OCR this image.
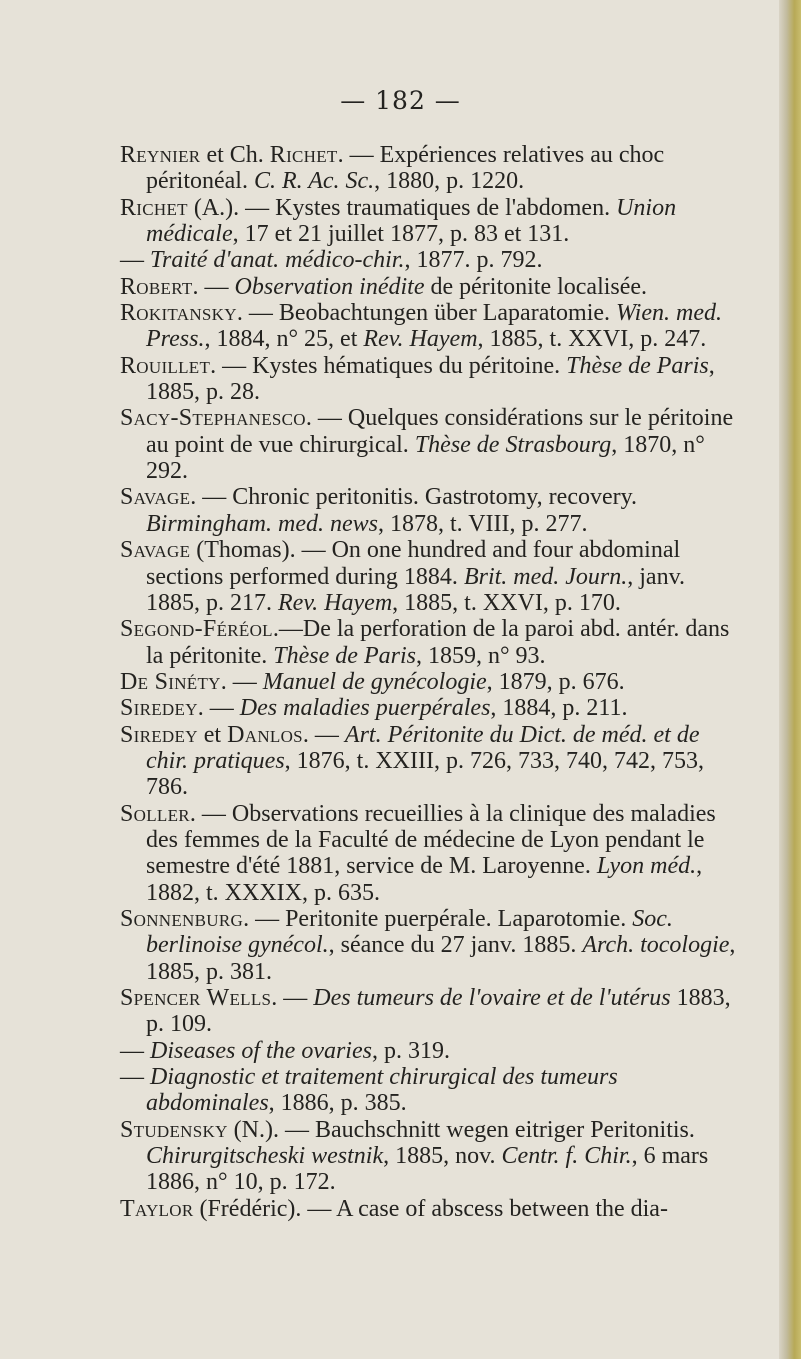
— 182 —
Reynier et Ch. Richet. — Expériences relatives au choc péritonéal. C. R. Ac. Sc., 1880, p. 1220.
Richet (A.). — Kystes traumatiques de l'abdomen. Union médicale, 17 et 21 juillet 1877, p. 83 et 131.
— Traité d'anat. médico-chir., 1877. p. 792.
Robert. — Observation inédite de péritonite localisée.
Rokitansky. — Beobachtungen über Laparatomie. Wien. med. Press., 1884, n° 25, et Rev. Hayem, 1885, t. XXVI, p. 247.
Rouillet. — Kystes hématiques du péritoine. Thèse de Paris, 1885, p. 28.
Sacy-Stephanesco. — Quelques considérations sur le péritoine au point de vue chirurgical. Thèse de Strasbourg, 1870, n° 292.
Savage. — Chronic peritonitis. Gastrotomy, recovery. Birmingham. med. news, 1878, t. VIII, p. 277.
Savage (Thomas). — On one hundred and four abdominal sections performed during 1884. Brit. med. Journ., janv. 1885, p. 217. Rev. Hayem, 1885, t. XXVI, p. 170.
Segond-Féréol.—De la perforation de la paroi abd. antér. dans la péritonite. Thèse de Paris, 1859, n° 93.
De Sinéty. — Manuel de gynécologie, 1879, p. 676.
Siredey. — Des maladies puerpérales, 1884, p. 211.
Siredey et Danlos. — Art. Péritonite du Dict. de méd. et de chir. pratiques, 1876, t. XXIII, p. 726, 733, 740, 742, 753, 786.
Soller. — Observations recueillies à la clinique des maladies des femmes de la Faculté de médecine de Lyon pendant le semestre d'été 1881, service de M. Laroyenne. Lyon méd., 1882, t. XXXIX, p. 635.
Sonnenburg. — Peritonite puerpérale. Laparotomie. Soc. berlinoise gynécol., séance du 27 janv. 1885. Arch. tocologie, 1885, p. 381.
Spencer Wells. — Des tumeurs de l'ovaire et de l'utérus 1883, p. 109.
— Diseases of the ovaries, p. 319.
— Diagnostic et traitement chirurgical des tumeurs abdominales, 1886, p. 385.
Studensky (N.). — Bauchschnitt wegen eitriger Peritonitis. Chirurgitscheski westnik, 1885, nov. Centr. f. Chir., 6 mars 1886, n° 10, p. 172.
Taylor (Frédéric). — A case of abscess between the dia-
